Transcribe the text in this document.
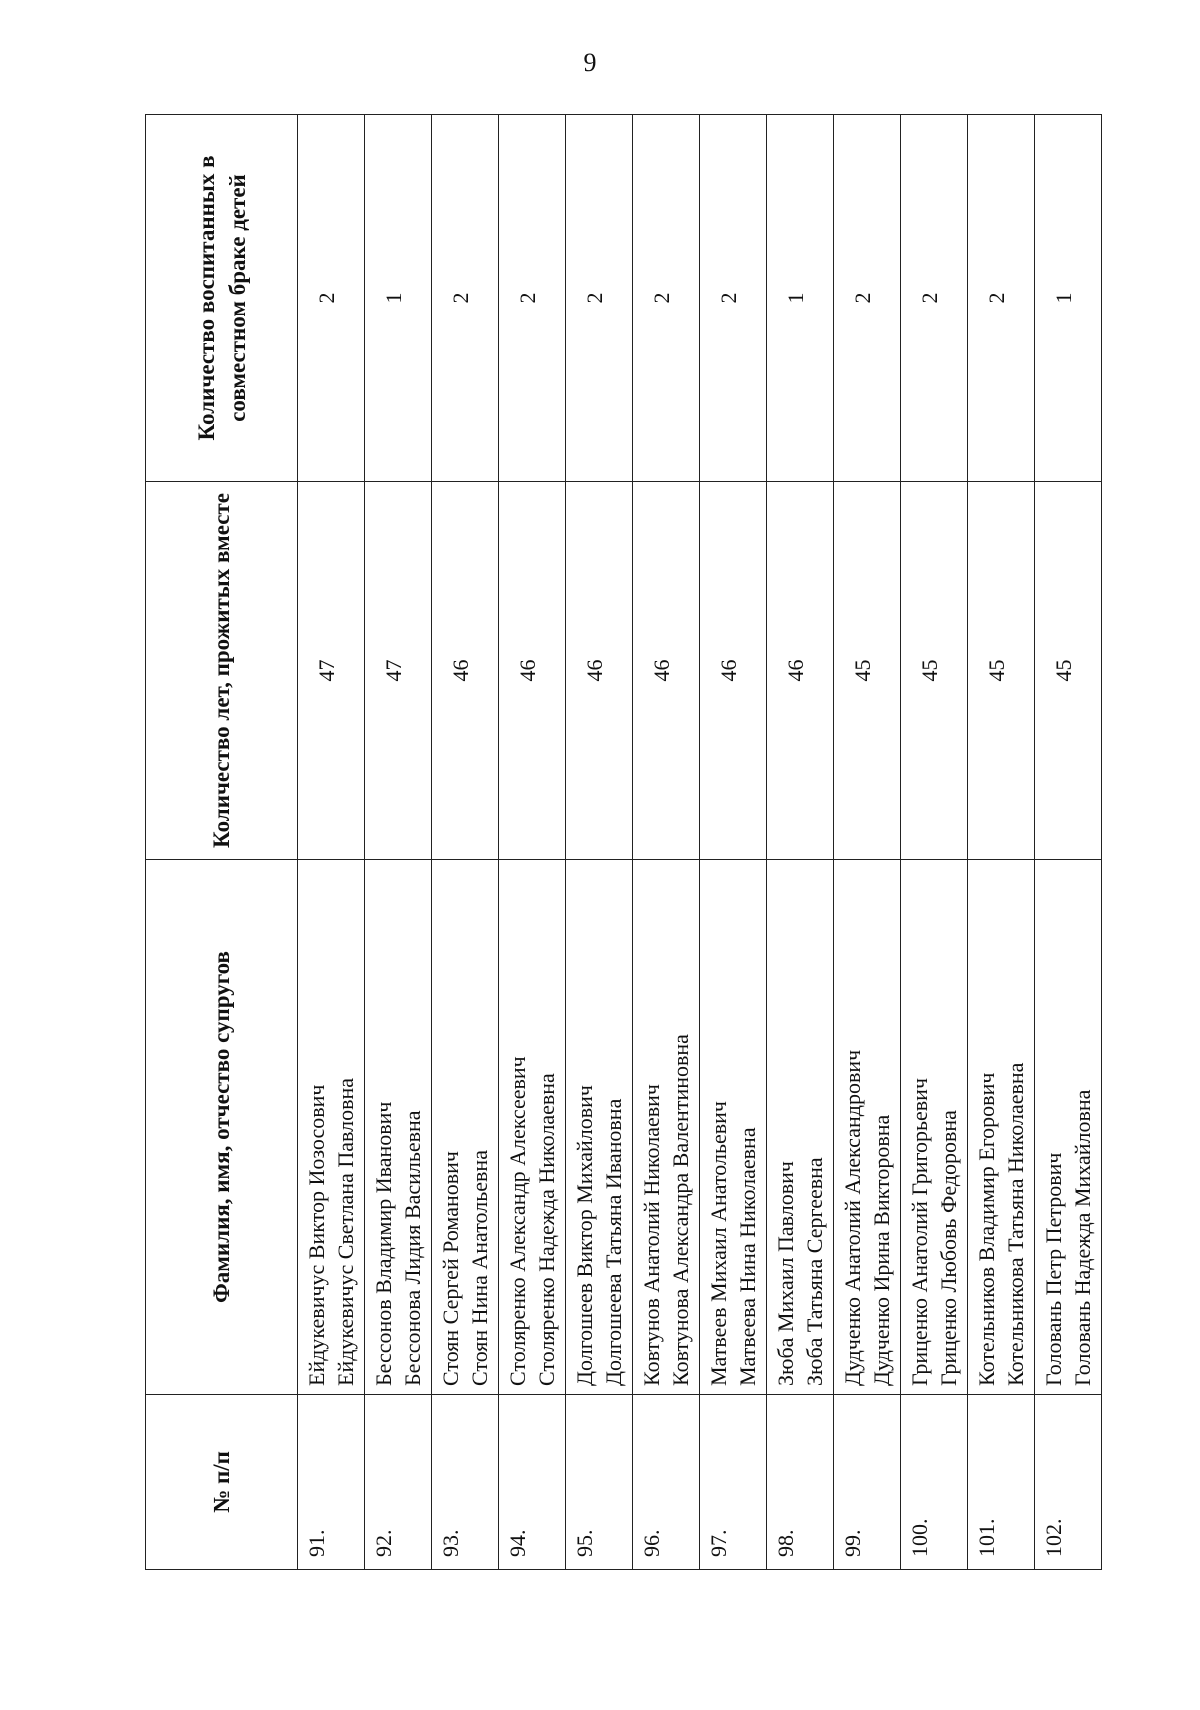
9
№ п/п	Фамилия, имя, отчество супругов	Количество лет, прожитых вместе	Количество воспитанных в совместном браке детей
91.	Ейдукевичус Виктор Иозосович Ейдукевичус Светлана Павловна	47	2
92.	Бессонов Владимир Иванович Бессонова Лидия Васильевна	47	1
93.	Стоян Сергей Романович Стоян Нина Анатольевна	46	2
94.	Столяренко Александр Алексеевич Столяренко Надежда Николаевна	46	2
95.	Долгошеев Виктор Михайлович Долгошеева Татьяна Ивановна	46	2
96.	Ковтунов Анатолий Николаевич Ковтунова Александра Валентиновна	46	2
97.	Матвеев Михаил Анатольевич Матвеева Нина Николаевна	46	2
98.	Зюба Михаил Павлович Зюба Татьяна Сергеевна	46	1
99.	Дудченко Анатолий Александрович Дудченко Ирина Викторовна	45	2
100.	Гриценко Анатолий Григорьевич Гриценко Любовь Федоровна	45	2
101.	Котельников Владимир Егорович Котельникова Татьяна Николаевна	45	2
102.	Головань Петр Петрович Головань Надежда Михайловна	45	1
